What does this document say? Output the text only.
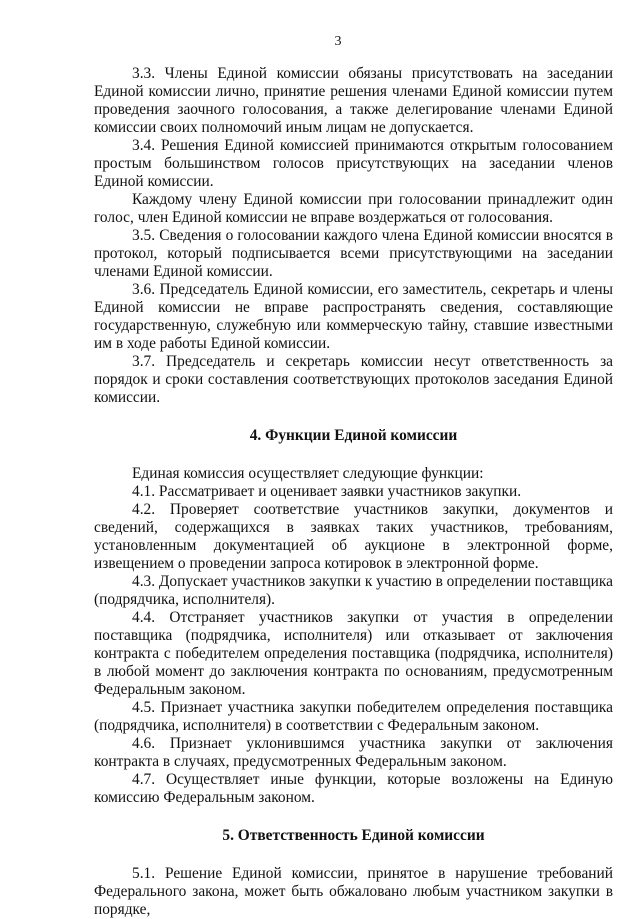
3

3.3. Члены Единой комиссии обязаны присутствовать на заседании Единой комиссии лично, принятие решения членами Единой комиссии путем проведения заочного голосования, а также делегирование членами Единой комиссии своих полномочий иным лицам не допускается.

3.4. Решения Единой комиссией принимаются открытым голосованием простым большинством голосов присутствующих на заседании членов Единой комиссии.

Каждому члену Единой комиссии при голосовании принадлежит один голос, член Единой комиссии не вправе воздержаться от голосования.

3.5. Сведения о голосовании каждого члена Единой комиссии вносятся в протокол, который подписывается всеми присутствующими на заседании членами Единой комиссии.

3.6. Председатель Единой комиссии, его заместитель, секретарь и члены Единой комиссии не вправе распространять сведения, составляющие государственную, служебную или коммерческую тайну, ставшие известными им в ходе работы Единой комиссии.

3.7. Председатель и секретарь комиссии несут ответственность за порядок и сроки составления соответствующих протоколов заседания Единой комиссии.

4. Функции Единой комиссии

Единая комиссия осуществляет следующие функции:

4.1. Рассматривает и оценивает заявки участников закупки.

4.2. Проверяет соответствие участников закупки, документов и сведений, содержащихся в заявках таких участников, требованиям, установленным документацией об аукционе в электронной форме, извещением о проведении запроса котировок в электронной форме.

4.3. Допускает участников закупки к участию в определении поставщика (подрядчика, исполнителя).

4.4. Отстраняет участников закупки от участия в определении поставщика (подрядчика, исполнителя) или отказывает от заключения контракта с победителем определения поставщика (подрядчика, исполнителя) в любой момент до заключения контракта по основаниям, предусмотренным Федеральным законом.

4.5. Признает участника закупки победителем определения поставщика (подрядчика, исполнителя) в соответствии с Федеральным законом.

4.6. Признает уклонившимся участника закупки от заключения контракта в случаях, предусмотренных Федеральным законом.

4.7. Осуществляет иные функции, которые возложены на Единую комиссию Федеральным законом.

5. Ответственность Единой комиссии

5.1. Решение Единой комиссии, принятое в нарушение требований Федерального закона, может быть обжаловано любым участником закупки в порядке,
